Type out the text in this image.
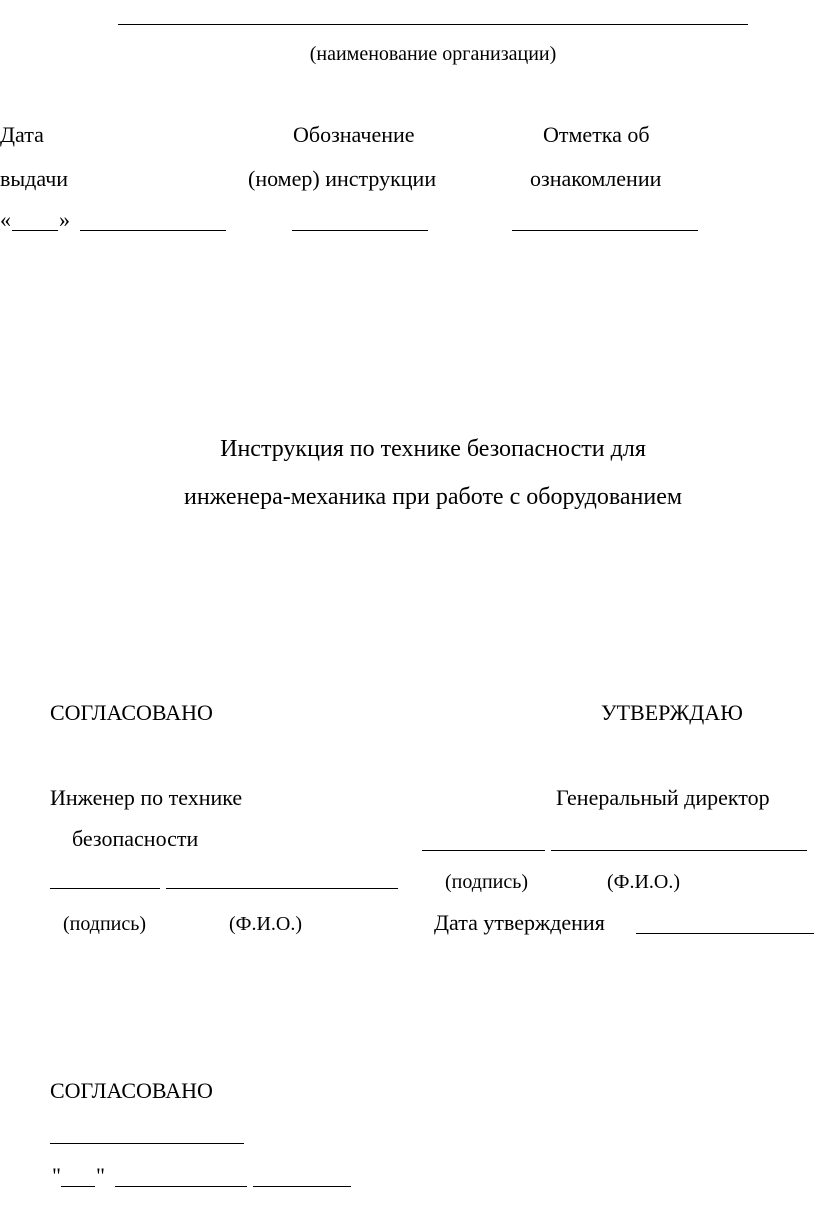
(наименование организации)
Дата
выдачи
Обозначение
(номер) инструкции
Отметка об
ознакомлении
« »
Инструкция по технике безопасности для
инженера-механика при работе с оборудованием
СОГЛАСОВАНО
Инженер по технике
безопасности
(подпись)	(Ф.И.О.)
УТВЕРЖДАЮ
Генеральный директор
(подпись)	(Ф.И.О.)
Дата утверждения
СОГЛАСОВАНО
" "
